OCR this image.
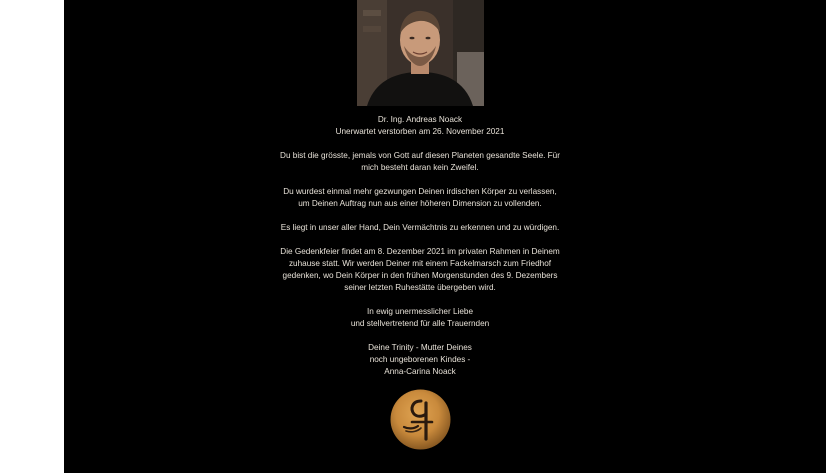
Dr. Ing. Andreas Noack
Unerwartet verstorben am 26. November 2021

Du bist die grösste, jemals von Gott auf diesen Planeten gesandte Seele. Für
mich besteht daran kein Zweifel.

Du wurdest einmal mehr gezwungen Deinen irdischen Körper zu verlassen,
um Deinen Auftrag nun aus einer höheren Dimension zu vollenden.

Es liegt in unser aller Hand, Dein Vermächtnis zu erkennen und zu würdigen.

Die Gedenkfeier findet am 8. Dezember 2021 im privaten Rahmen in Deinem
zuhause statt. Wir werden Deiner mit einem Fackelmarsch zum Friedhof
gedenken, wo Dein Körper in den frühen Morgenstunden des 9. Dezembers
seiner letzten Ruhestätte übergeben wird.

In ewig unermesslicher Liebe
und stellvertretend für alle Trauernden

Deine Trinity - Mutter Deines
noch ungeborenen Kindes -
Anna-Carina Noack
